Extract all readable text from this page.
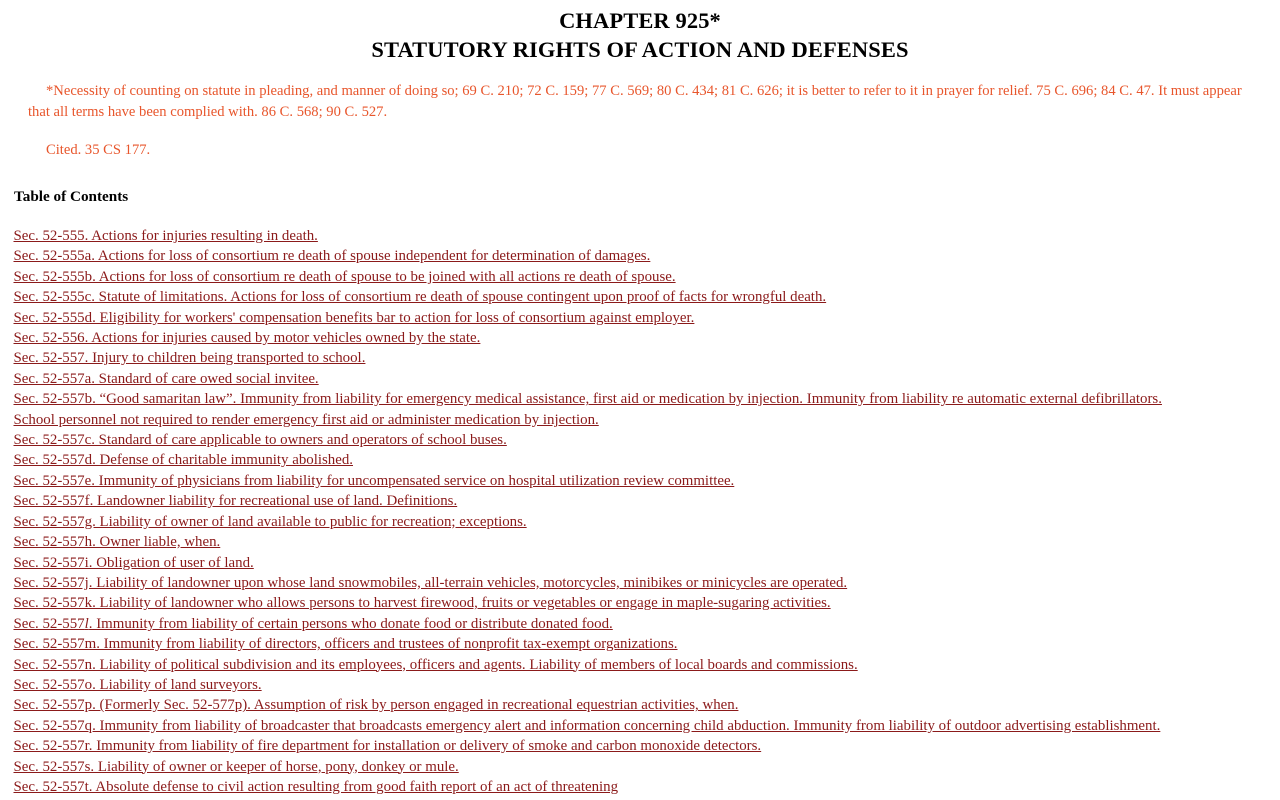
CHAPTER 925*
STATUTORY RIGHTS OF ACTION AND DEFENSES

*Necessity of counting on statute in pleading, and manner of doing so; 69 C. 210; 72 C. 159; 77 C. 569; 80 C. 434; 81 C. 626; it is better to refer to it in prayer for relief. 75 C. 696; 84 C. 47. It must appear that all terms have been complied with. 86 C. 568; 90 C. 527.

Cited. 35 CS 177.

Table of Contents
Sec. 52-555. Actions for injuries resulting in death.
Sec. 52-555a. Actions for loss of consortium re death of spouse independent for determination of damages.
Sec. 52-555b. Actions for loss of consortium re death of spouse to be joined with all actions re death of spouse.
Sec. 52-555c. Statute of limitations. Actions for loss of consortium re death of spouse contingent upon proof of facts for wrongful death.
Sec. 52-555d. Eligibility for workers' compensation benefits bar to action for loss of consortium against employer.
Sec. 52-556. Actions for injuries caused by motor vehicles owned by the state.
Sec. 52-557. Injury to children being transported to school.
Sec. 52-557a. Standard of care owed social invitee.
Sec. 52-557b. “Good samaritan law”. Immunity from liability for emergency medical assistance, first aid or medication by injection. Immunity from liability re automatic external defibrillators. School personnel not required to render emergency first aid or administer medication by injection.
Sec. 52-557c. Standard of care applicable to owners and operators of school buses.
Sec. 52-557d. Defense of charitable immunity abolished.
Sec. 52-557e. Immunity of physicians from liability for uncompensated service on hospital utilization review committee.
Sec. 52-557f. Landowner liability for recreational use of land. Definitions.
Sec. 52-557g. Liability of owner of land available to public for recreation; exceptions.
Sec. 52-557h. Owner liable, when.
Sec. 52-557i. Obligation of user of land.
Sec. 52-557j. Liability of landowner upon whose land snowmobiles, all-terrain vehicles, motorcycles, minibikes or minicycles are operated.
Sec. 52-557k. Liability of landowner who allows persons to harvest firewood, fruits or vegetables or engage in maple-sugaring activities.
Sec. 52-557l. Immunity from liability of certain persons who donate food or distribute donated food.
Sec. 52-557m. Immunity from liability of directors, officers and trustees of nonprofit tax-exempt organizations.
Sec. 52-557n. Liability of political subdivision and its employees, officers and agents. Liability of members of local boards and commissions.
Sec. 52-557o. Liability of land surveyors.
Sec. 52-557p. (Formerly Sec. 52-577p). Assumption of risk by person engaged in recreational equestrian activities, when.
Sec. 52-557q. Immunity from liability of broadcaster that broadcasts emergency alert and information concerning child abduction. Immunity from liability of outdoor advertising establishment.
Sec. 52-557r. Immunity from liability of fire department for installation or delivery of smoke and carbon monoxide detectors.
Sec. 52-557s. Liability of owner or keeper of horse, pony, donkey or mule.
Sec. 52-557t. Absolute defense to civil action resulting from good faith report of an act of threatening
